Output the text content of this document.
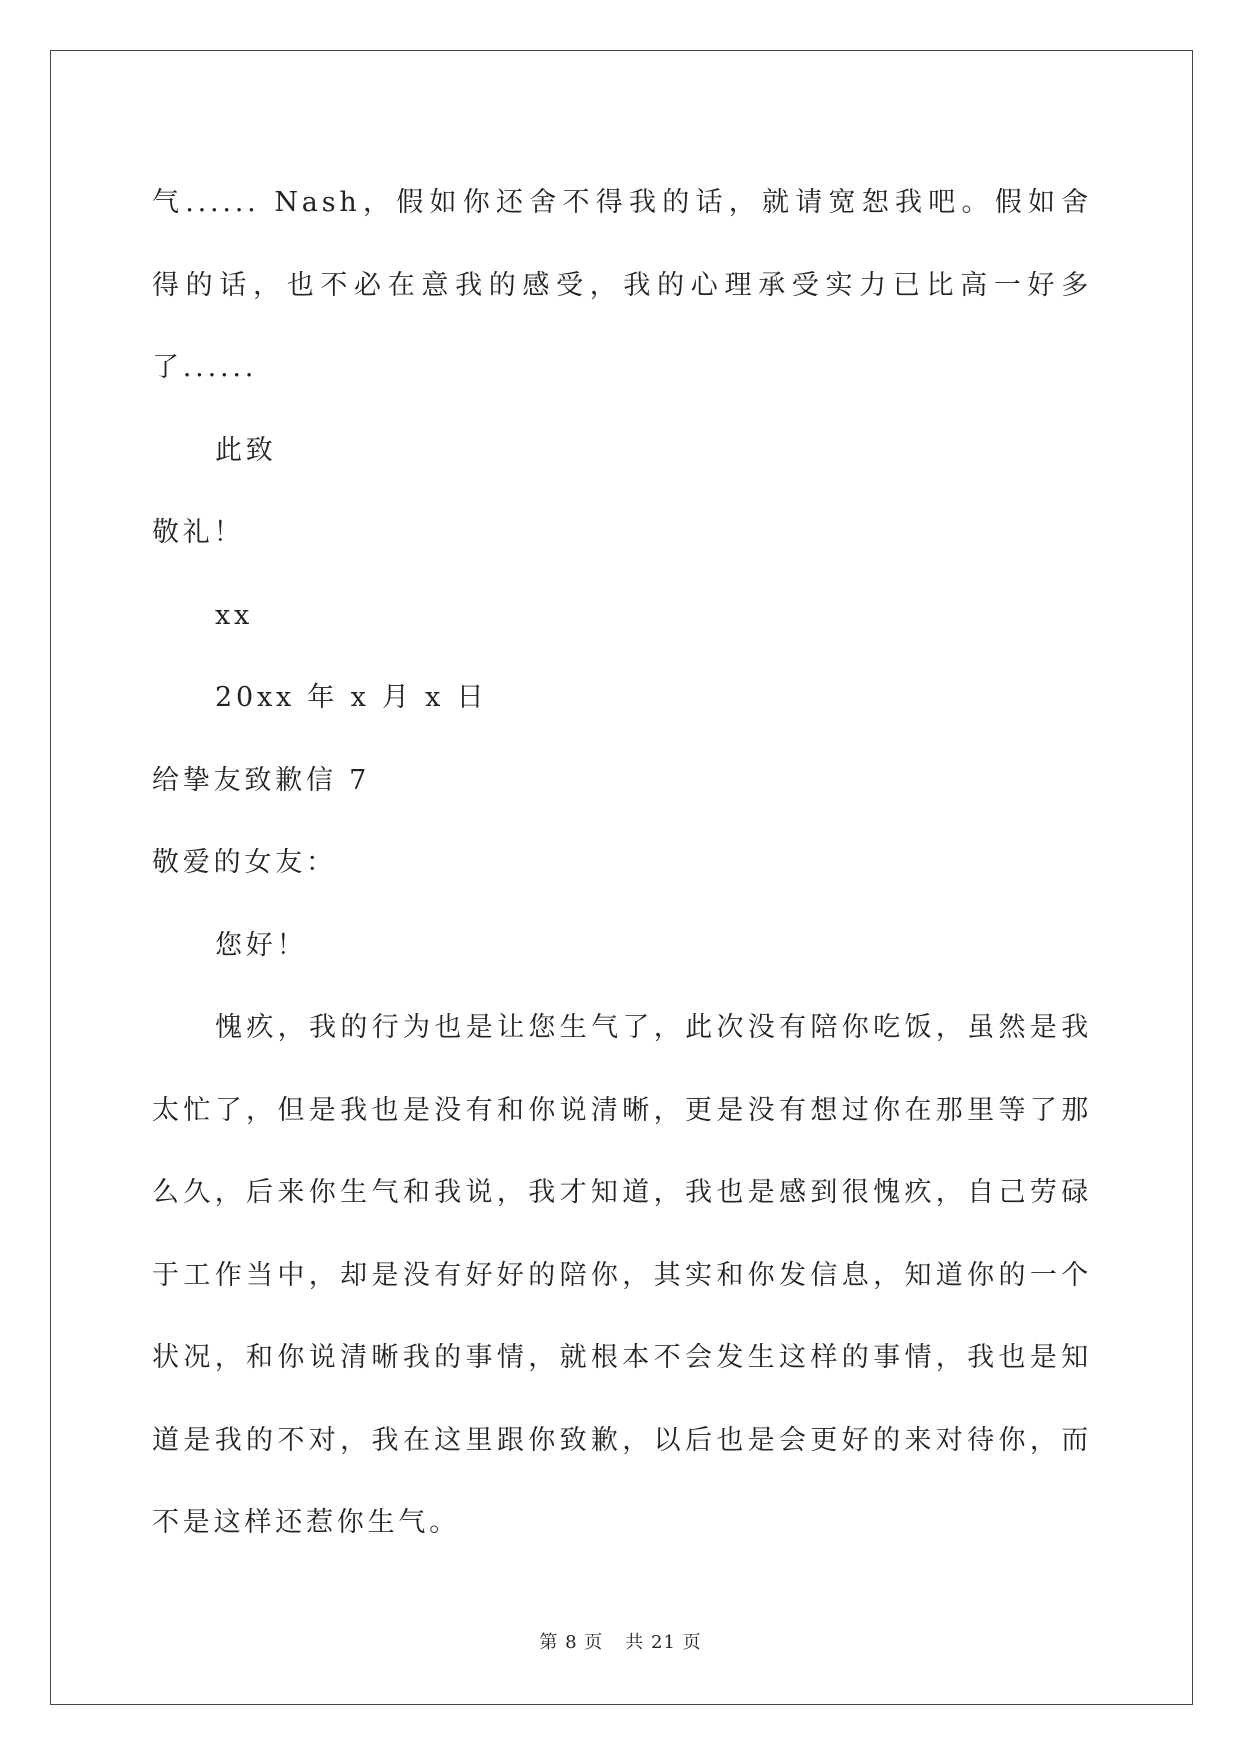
气...... Nash，假如你还舍不得我的话，就请宽恕我吧。假如舍

得的话，也不必在意我的感受，我的心理承受实力已比高一好多

了......

此致

敬礼！

xx

20xx 年 x 月 x 日

给挚友致歉信 7

敬爱的女友：

您好！

愧疚，我的行为也是让您生气了，此次没有陪你吃饭，虽然是我

太忙了，但是我也是没有和你说清晰，更是没有想过你在那里等了那

么久，后来你生气和我说，我才知道，我也是感到很愧疚，自己劳碌

于工作当中，却是没有好好的陪你，其实和你发信息，知道你的一个

状况，和你说清晰我的事情，就根本不会发生这样的事情，我也是知

道是我的不对，我在这里跟你致歉，以后也是会更好的来对待你，而

不是这样还惹你生气。

第 8 页 共 21 页
